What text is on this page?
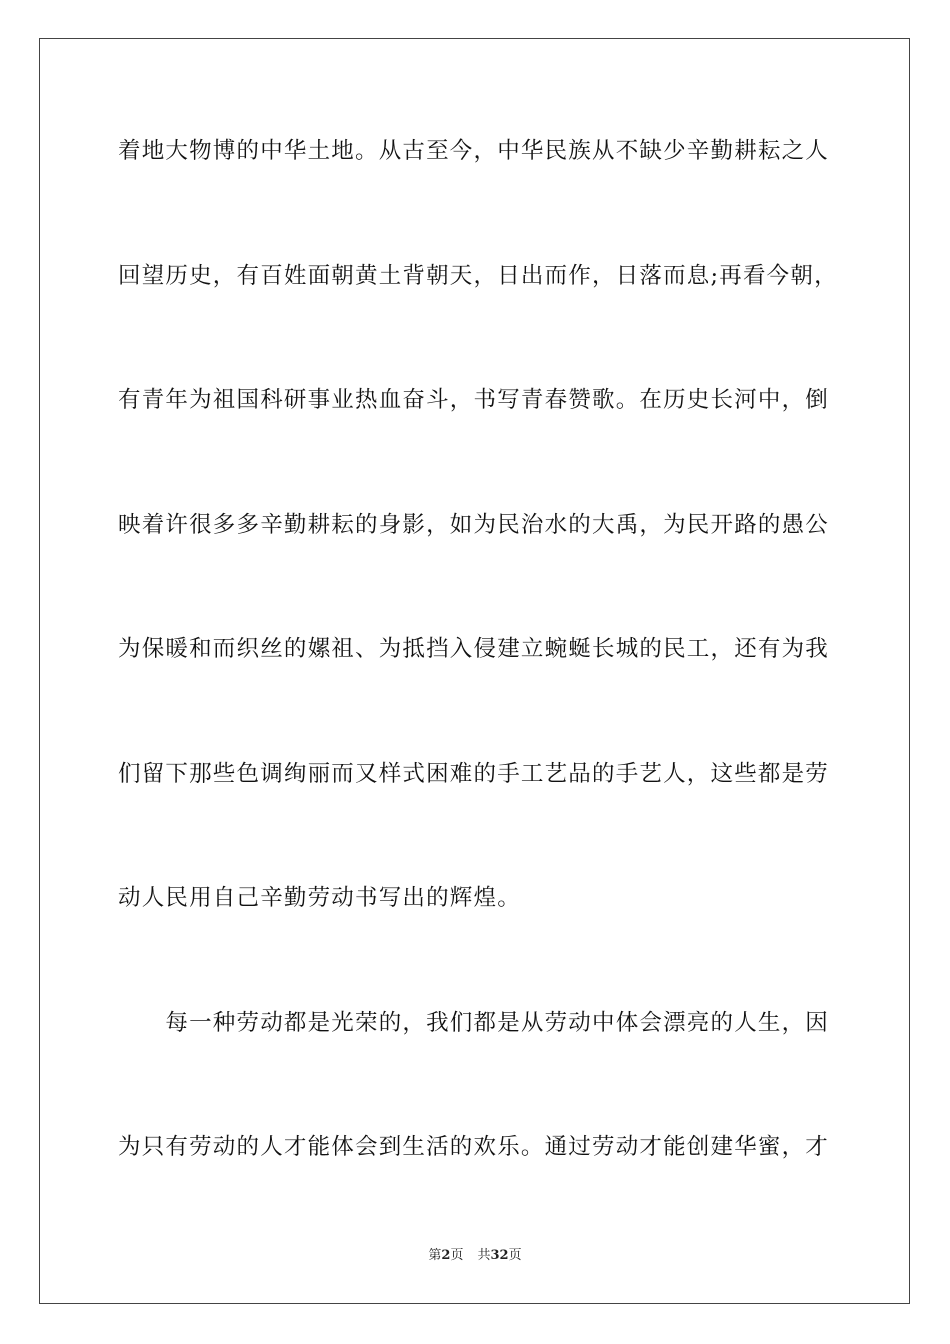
着地大物博的中华土地。从古至今，中华民族从不缺少辛勤耕耘之人
回望历史，有百姓面朝黄土背朝天，日出而作，日落而息;再看今朝，
有青年为祖国科研事业热血奋斗，书写青春赞歌。在历史长河中，倒
映着许很多多辛勤耕耘的身影，如为民治水的大禹，为民开路的愚公
为保暖和而织丝的嫘祖、为抵挡入侵建立蜿蜒长城的民工，还有为我
们留下那些色调绚丽而又样式困难的手工艺品的手艺人，这些都是劳
动人民用自己辛勤劳动书写出的辉煌。
　　每一种劳动都是光荣的，我们都是从劳动中体会漂亮的人生，因
为只有劳动的人才能体会到生活的欢乐。通过劳动才能创建华蜜，才
第2页 共32页
